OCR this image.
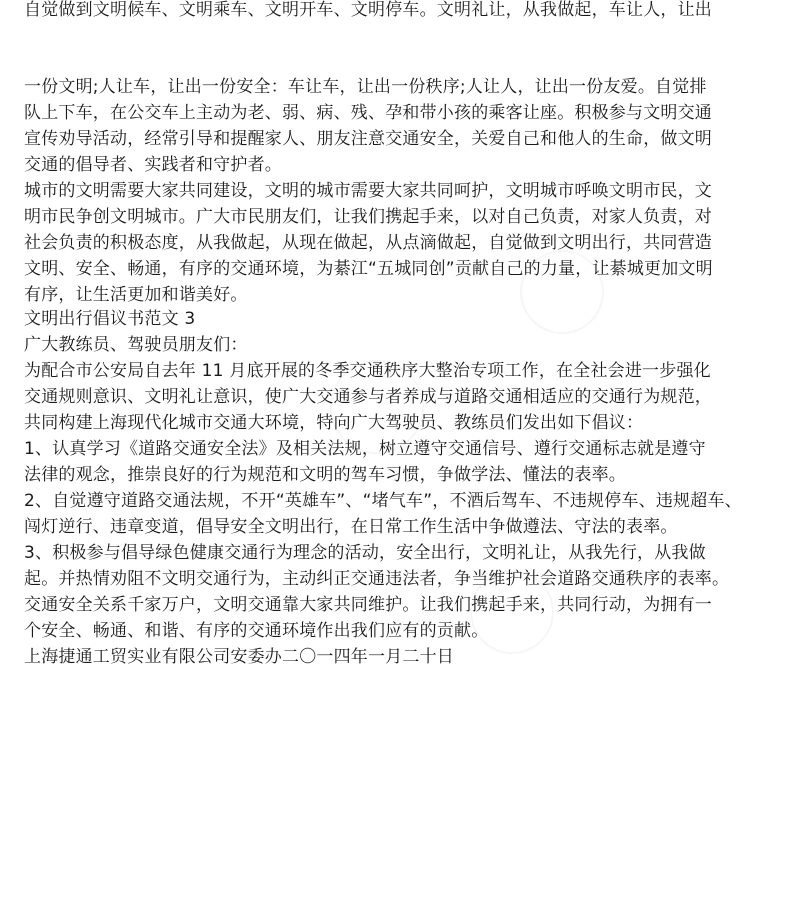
自觉做到文明候车、文明乘车、文明开车、文明停车。文明礼让，从我做起，车让人，让出
一份文明;人让车，让出一份安全：车让车，让出一份秩序;人让人，让出一份友爱。自觉排
队上下车，在公交车上主动为老、弱、病、残、孕和带小孩的乘客让座。积极参与文明交通
宣传劝导活动，经常引导和提醒家人、朋友注意交通安全，关爱自己和他人的生命，做文明
交通的倡导者、实践者和守护者。
城市的文明需要大家共同建设，文明的城市需要大家共同呵护，文明城市呼唤文明市民，文
明市民争创文明城市。广大市民朋友们，让我们携起手来，以对自己负责，对家人负责，对
社会负责的积极态度，从我做起，从现在做起，从点滴做起，自觉做到文明出行，共同营造
文明、安全、畅通，有序的交通环境，为綦江“五城同创”贡献自己的力量，让綦城更加文明
有序，让生活更加和谐美好。
文明出行倡议书范文 3
广大教练员、驾驶员朋友们：
为配合市公安局自去年 11 月底开展的冬季交通秩序大整治专项工作，在全社会进一步强化
交通规则意识、文明礼让意识，使广大交通参与者养成与道路交通相适应的交通行为规范，
共同构建上海现代化城市交通大环境，特向广大驾驶员、教练员们发出如下倡议：
1、认真学习《道路交通安全法》及相关法规，树立遵守交通信号、遵行交通标志就是遵守
法律的观念，推崇良好的行为规范和文明的驾车习惯，争做学法、懂法的表率。
2、自觉遵守道路交通法规，不开“英雄车”、“堵气车”，不酒后驾车、不违规停车、违规超车、
闯灯逆行、违章变道，倡导安全文明出行，在日常工作生活中争做遵法、守法的表率。
3、积极参与倡导绿色健康交通行为理念的活动，安全出行，文明礼让，从我先行，从我做
起。并热情劝阻不文明交通行为，主动纠正交通违法者，争当维护社会道路交通秩序的表率。
交通安全关系千家万户，文明交通靠大家共同维护。让我们携起手来，共同行动，为拥有一
个安全、畅通、和谐、有序的交通环境作出我们应有的贡献。
上海捷通工贸实业有限公司安委办二〇一四年一月二十日
